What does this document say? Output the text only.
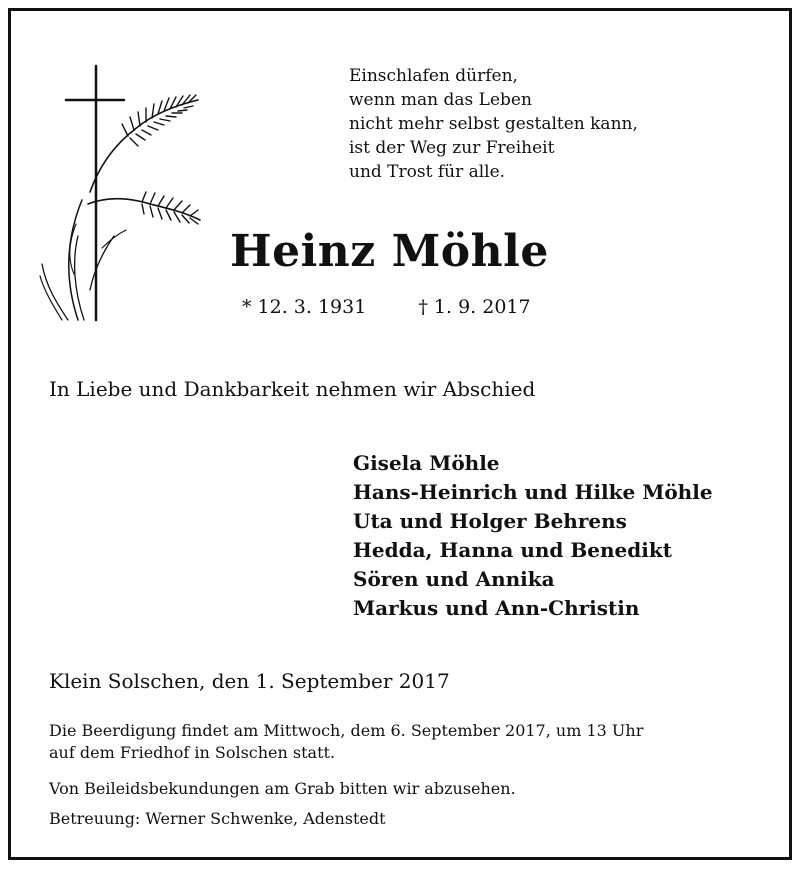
Einschlafen dürfen,
wenn man das Leben
nicht mehr selbst gestalten kann,
ist der Weg zur Freiheit
und Trost für alle.
Heinz Möhle
* 12. 3. 1931	† 1. 9. 2017
In Liebe und Dankbarkeit nehmen wir Abschied
Gisela Möhle
Hans-Heinrich und Hilke Möhle
Uta und Holger Behrens
Hedda, Hanna und Benedikt
Sören und Annika
Markus und Ann-Christin
Klein Solschen, den 1. September 2017
Die Beerdigung findet am Mittwoch, dem 6. September 2017, um 13 Uhr
auf dem Friedhof in Solschen statt.
Von Beileidsbekundungen am Grab bitten wir abzusehen.
Betreuung: Werner Schwenke, Adenstedt
